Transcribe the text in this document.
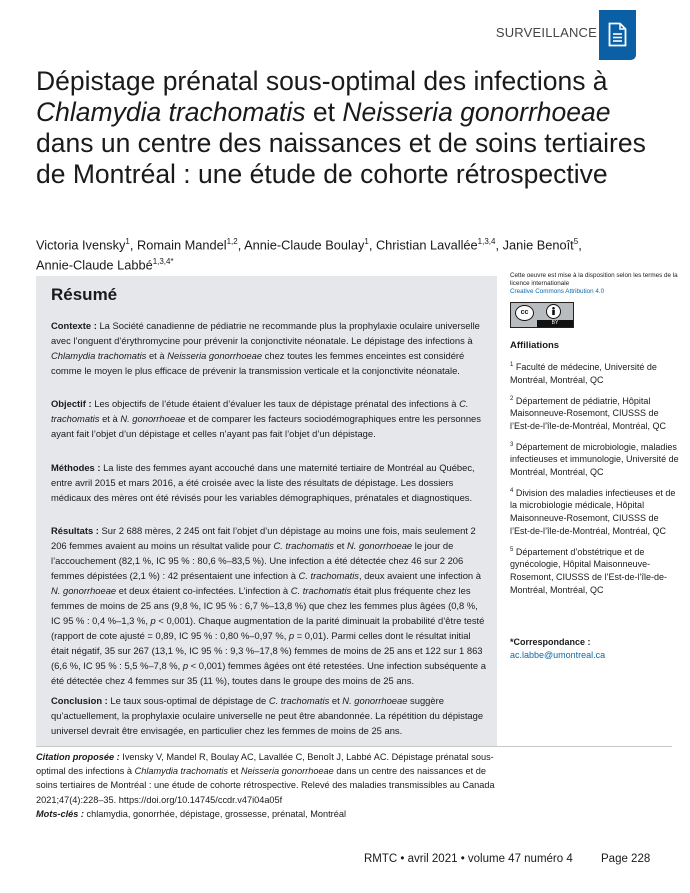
SURVEILLANCE
Dépistage prénatal sous-optimal des infections à
Chlamydia trachomatis et Neisseria gonorrhoeae dans un centre des naissances et de soins tertiaires de Montréal : une étude de cohorte rétrospective
Victoria Ivensky$^1$, Romain Mandel$^{1,2}$, Annie-Claude Boulay$^1$, Christian Lavallée$^{1,3,4}$, Janie Benoît$^5$,
Annie-Claude Labbé$^{1,3,4*}$
Résumé
Contexte : La Société canadienne de pédiatrie ne recommande plus la prophylaxie oculaire universelle avec l’onguent d’érythromycine pour prévenir la conjonctivite néonatale. Le dépistage des infections à Chlamydia trachomatis et à Neisseria gonorrhoeae chez toutes les femmes enceintes est considéré comme le moyen le plus efficace de prévenir la transmission verticale et la conjonctivite néonatale.
Objectif : Les objectifs de l’étude étaient d’évaluer les taux de dépistage prénatal des infections à C. trachomatis et à N. gonorrhoeae et de comparer les facteurs sociodémographiques entre les personnes ayant fait l’objet d’un dépistage et celles n’ayant pas fait l’objet d’un dépistage.
Méthodes : La liste des femmes ayant accouché dans une maternité tertiaire de Montréal au Québec, entre avril 2015 et mars 2016, a été croisée avec la liste des résultats de dépistage. Les dossiers médicaux des mères ont été révisés pour les variables démographiques, prénatales et diagnostiques.
Résultats : Sur 2 688 mères, 2 245 ont fait l’objet d’un dépistage au moins une fois, mais seulement 2 206 femmes avaient au moins un résultat valide pour C. trachomatis et N. gonorrhoeae le jour de l’accouchement (82,1 %, IC 95 % : 80,6 %–83,5 %). Une infection a été détectée chez 46 sur 2 206 femmes dépistées (2,1 %) : 42 présentaient une infection à C. trachomatis, deux avaient une infection à N. gonorrhoeae et deux étaient co-infectées. L’infection à C. trachomatis était plus fréquente chez les femmes de moins de 25 ans (9,8 %, IC 95 % : 6,7 %–13,8 %) que chez les femmes plus âgées (0,8 %, IC 95 % : 0,4 %–1,3 %, p < 0,001). Chaque augmentation de la parité diminuait la probabilité d’être testé (rapport de cote ajusté = 0,89, IC 95 % : 0,80 %–0,97 %, p = 0,01). Parmi celles dont le résultat initial était négatif, 35 sur 267 (13,1 %, IC 95 % : 9,3 %–17,8 %) femmes de moins de 25 ans et 122 sur 1 863 (6,6 %, IC 95 % : 5,5 %–7,8 %, p < 0,001) femmes âgées ont été retestées. Une infection subséquente a été détectée chez 4 femmes sur 35 (11 %), toutes dans le groupe des moins de 25 ans.
Conclusion : Le taux sous-optimal de dépistage de C. trachomatis et N. gonorrhoeae suggère qu’actuellement, la prophylaxie oculaire universelle ne peut être abandonnée. La répétition du dépistage universel devrait être envisagée, en particulier chez les femmes de moins de 25 ans.
Citation proposée : Ivensky V, Mandel R, Boulay AC, Lavallée C, Benoît J, Labbé AC. Dépistage prénatal sous-optimal des infections à Chlamydia trachomatis et Neisseria gonorrhoeae dans un centre des naissances et de soins tertiaires de Montréal : une étude de cohorte rétrospective. Relevé des maladies transmissibles au Canada 2021;47(4):228–35. https://doi.org/10.14745/ccdr.v47i04a05f
Mots-clés : chlamydia, gonorrhée, dépistage, grossesse, prénatal, Montréal
Cette oeuvre est mise à la disposition selon les termes de la licence internationale
Creative Commons Attribution 4.0
cc
BY
Affiliations
$^1$ Faculté de médecine, Université de Montréal, Montréal, QC
$^2$ Département de pédiatrie, Hôpital Maisonneuve-Rosemont, CIUSSS de l’Est-de-l’île-de-Montréal, Montréal, QC
$^3$ Département de microbiologie, maladies infectieuses et immunologie, Université de Montréal, Montréal, QC
$^4$ Division des maladies infectieuses et de la microbiologie médicale, Hôpital Maisonneuve-Rosemont, CIUSSS de l’Est-de-l’île-de-Montréal, Montréal, QC
$^5$ Département d’obstétrique et de gynécologie, Hôpital Maisonneuve-Rosemont, CIUSSS de l’Est-de-l’île-de-Montréal, Montréal, QC
*Correspondance :
ac.labbe@umontreal.ca
RMTC • avril 2021 • volume 47 numéro 4 Page 228
